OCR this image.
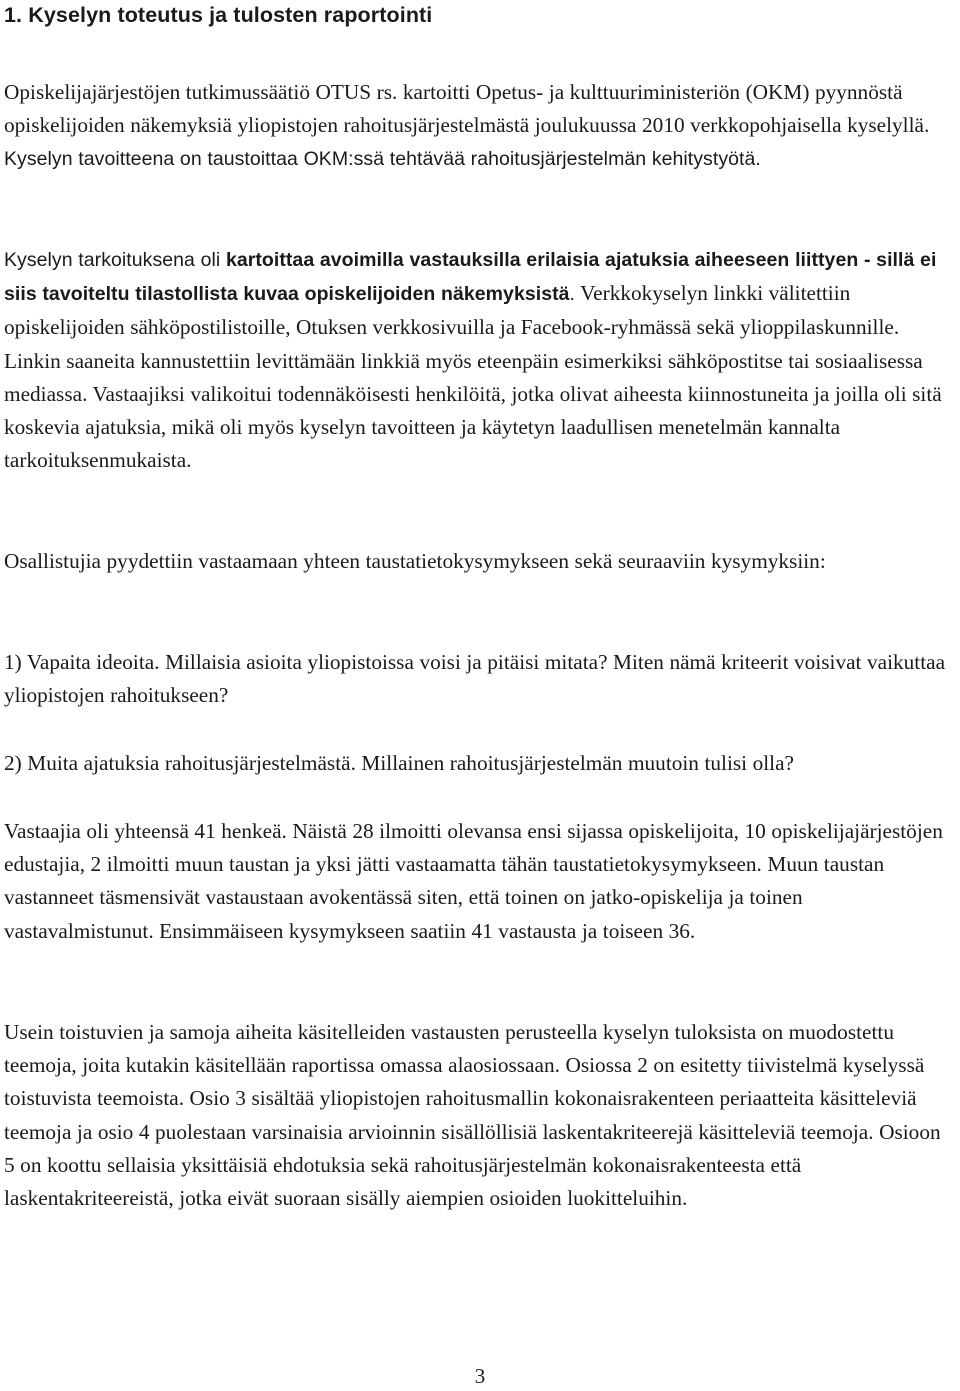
1. Kyselyn toteutus ja tulosten raportointi

Opiskelijajärjestöjen tutkimussäätiö OTUS rs. kartoitti Opetus- ja kulttuuriministeriön (OKM) pyynnöstä opiskelijoiden näkemyksiä yliopistojen rahoitusjärjestelmästä joulukuussa 2010 verkkopohjaisella kyselyllä. Kyselyn tavoitteena on taustoittaa OKM:ssä tehtävää rahoitusjärjestelmän kehitystyötä.

Kyselyn tarkoituksena oli kartoittaa avoimilla vastauksilla erilaisia ajatuksia aiheeseen liittyen - sillä ei siis tavoiteltu tilastollista kuvaa opiskelijoiden näkemyksistä. Verkkokyselyn linkki välitettiin opiskelijoiden sähköpostilistoille, Otuksen verkkosivuilla ja Facebook-ryhmässä sekä ylioppilaskunnille. Linkin saaneita kannustettiin levittämään linkkiä myös eteenpäin esimerkiksi sähköpostitse tai sosiaalisessa mediassa. Vastaajiksi valikoitui todennäköisesti henkilöitä, jotka olivat aiheesta kiinnostuneita ja joilla oli sitä koskevia ajatuksia, mikä oli myös kyselyn tavoitteen ja käytetyn laadullisen menetelmän kannalta tarkoituksenmukaista.

Osallistujia pyydettiin vastaamaan yhteen taustatietokysymykseen sekä seuraaviin kysymyksiin:

1) Vapaita ideoita. Millaisia asioita yliopistoissa voisi ja pitäisi mitata? Miten nämä kriteerit voisivat vaikuttaa yliopistojen rahoitukseen?

2) Muita ajatuksia rahoitusjärjestelmästä. Millainen rahoitusjärjestelmän muutoin tulisi olla?

Vastaajia oli yhteensä 41 henkeä. Näistä 28 ilmoitti olevansa ensi sijassa opiskelijoita, 10 opiskelijajärjestöjen edustajia, 2 ilmoitti muun taustan ja yksi jätti vastaamatta tähän taustatietokysymykseen. Muun taustan vastanneet täsmensivät vastaustaan avokentässä siten, että toinen on jatko-opiskelija ja toinen vastavalmistunut. Ensimmäiseen kysymykseen saatiin 41 vastausta ja toiseen 36.

Usein toistuvien ja samoja aiheita käsitelleiden vastausten perusteella kyselyn tuloksista on muodostettu teemoja, joita kutakin käsitellään raportissa omassa alaosiossaan. Osiossa 2 on esitetty tiivistelmä kyselyssä toistuvista teemoista. Osio 3 sisältää yliopistojen rahoitusmallin kokonaisrakenteen periaatteita käsitteleviä teemoja ja osio 4 puolestaan varsinaisia arvioinnin sisällöllisiä laskentakriteerejä käsitteleviä teemoja. Osioon 5 on koottu sellaisia yksittäisiä ehdotuksia sekä rahoitusjärjestelmän kokonaisrakenteesta että laskentakriteereistä, jotka eivät suoraan sisälly aiempien osioiden luokitteluihin.

3
